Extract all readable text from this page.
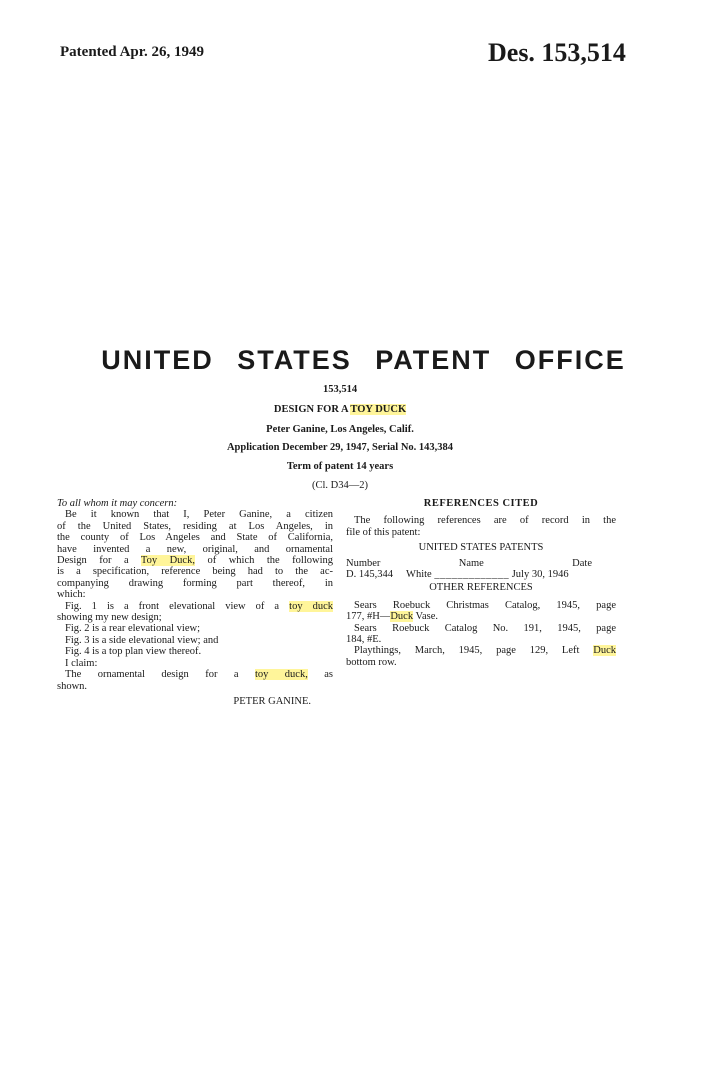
Patented Apr. 26, 1949	Des. 153,514
UNITED STATES PATENT OFFICE
153,514
DESIGN FOR A TOY DUCK
Peter Ganine, Los Angeles, Calif.
Application December 29, 1947, Serial No. 143,384
Term of patent 14 years
(Cl. D34—2)
To all whom it may concern:
Be it known that I, Peter Ganine, a citizen
of the United States, residing at Los Angeles, in
the county of Los Angeles and State of California,
have invented a new, original, and ornamental
Design for a Toy Duck, of which the following
is a specification, reference being had to the ac-
companying drawing forming part thereof, in
which:
Fig. 1 is a front elevational view of a toy duck
showing my new design;
Fig. 2 is a rear elevational view;
Fig. 3 is a side elevational view; and
Fig. 4 is a top plan view thereof.
I claim:
The ornamental design for a toy duck, as
shown.
PETER GANINE.
REFERENCES CITED
The following references are of record in the
file of this patent:
UNITED STATES PATENTS
Number	Name	Date
D. 145,344 White _____________ July 30, 1946
OTHER REFERENCES
Sears Roebuck Christmas Catalog, 1945, page
177, #H—Duck Vase.
Sears Roebuck Catalog No. 191, 1945, page
184, #E.
Playthings, March, 1945, page 129, Left Duck
bottom row.
